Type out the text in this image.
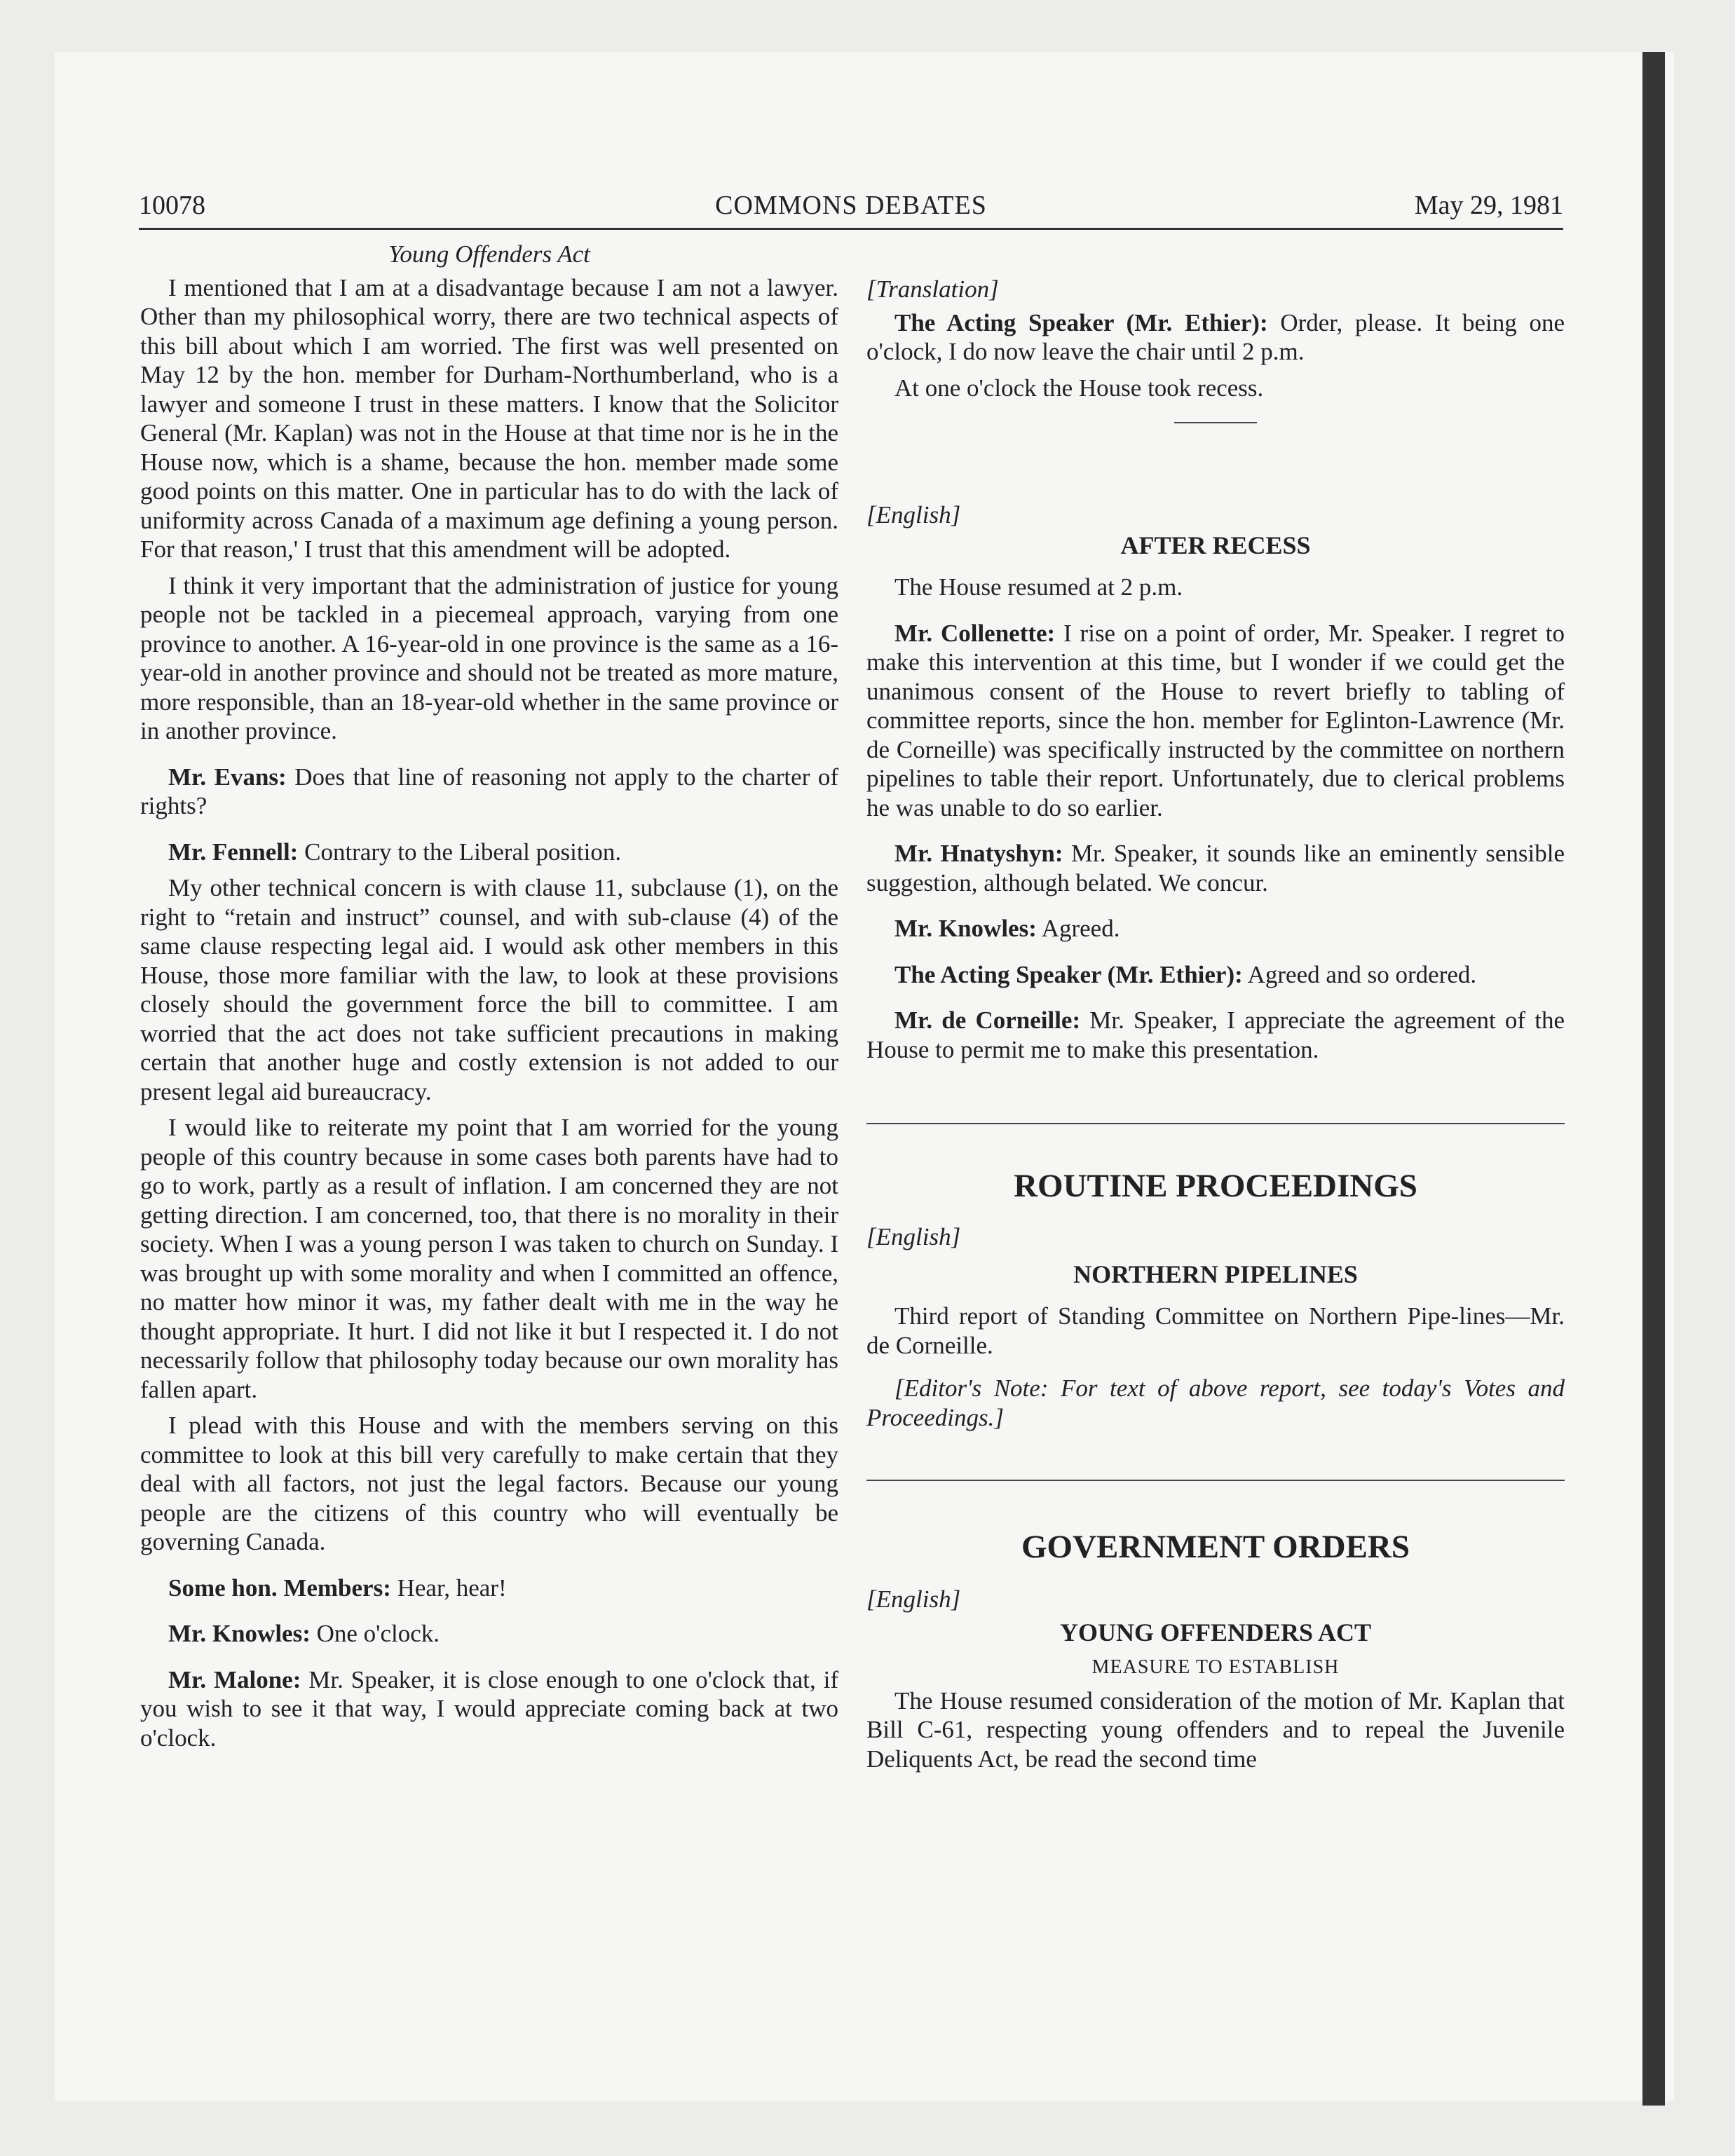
10078	COMMONS DEBATES	May 29, 1981

Young Offenders Act

I mentioned that I am at a disadvantage because I am not a lawyer. Other than my philosophical worry, there are two technical aspects of this bill about which I am worried. The first was well presented on May 12 by the hon. member for Durham-Northumberland, who is a lawyer and someone I trust in these matters. I know that the Solicitor General (Mr. Kaplan) was not in the House at that time nor is he in the House now, which is a shame, because the hon. member made some good points on this matter. One in particular has to do with the lack of uniformity across Canada of a maximum age defining a young person. For that reason,' I trust that this amendment will be adopted.

I think it very important that the administration of justice for young people not be tackled in a piecemeal approach, varying from one province to another. A 16-year-old in one province is the same as a 16-year-old in another province and should not be treated as more mature, more responsible, than an 18-year-old whether in the same province or in another province.

Mr. Evans: Does that line of reasoning not apply to the charter of rights?

Mr. Fennell: Contrary to the Liberal position.

My other technical concern is with clause 11, subclause (1), on the right to “retain and instruct” counsel, and with sub-clause (4) of the same clause respecting legal aid. I would ask other members in this House, those more familiar with the law, to look at these provisions closely should the government force the bill to committee. I am worried that the act does not take sufficient precautions in making certain that another huge and costly extension is not added to our present legal aid bureaucracy.

I would like to reiterate my point that I am worried for the young people of this country because in some cases both parents have had to go to work, partly as a result of inflation. I am concerned they are not getting direction. I am concerned, too, that there is no morality in their society. When I was a young person I was taken to church on Sunday. I was brought up with some morality and when I committed an offence, no matter how minor it was, my father dealt with me in the way he thought appropriate. It hurt. I did not like it but I respected it. I do not necessarily follow that philosophy today because our own morality has fallen apart.

I plead with this House and with the members serving on this committee to look at this bill very carefully to make certain that they deal with all factors, not just the legal factors. Because our young people are the citizens of this country who will eventually be governing Canada.

Some hon. Members: Hear, hear!

Mr. Knowles: One o'clock.

Mr. Malone: Mr. Speaker, it is close enough to one o'clock that, if you wish to see it that way, I would appreciate coming back at two o'clock.

[Translation]

The Acting Speaker (Mr. Ethier): Order, please. It being one o'clock, I do now leave the chair until 2 p.m.

At one o'clock the House took recess.

[English]

AFTER RECESS

The House resumed at 2 p.m.

Mr. Collenette: I rise on a point of order, Mr. Speaker. I regret to make this intervention at this time, but I wonder if we could get the unanimous consent of the House to revert briefly to tabling of committee reports, since the hon. member for Eglinton-Lawrence (Mr. de Corneille) was specifically instructed by the committee on northern pipelines to table their report. Unfortunately, due to clerical problems he was unable to do so earlier.

Mr. Hnatyshyn: Mr. Speaker, it sounds like an eminently sensible suggestion, although belated. We concur.

Mr. Knowles: Agreed.

The Acting Speaker (Mr. Ethier): Agreed and so ordered.

Mr. de Corneille: Mr. Speaker, I appreciate the agreement of the House to permit me to make this presentation.

ROUTINE PROCEEDINGS

[English]

NORTHERN PIPELINES

Third report of Standing Committee on Northern Pipe-lines—Mr. de Corneille.

[Editor's Note: For text of above report, see today's Votes and Proceedings.]

GOVERNMENT ORDERS

[English]

YOUNG OFFENDERS ACT

MEASURE TO ESTABLISH

The House resumed consideration of the motion of Mr. Kaplan that Bill C-61, respecting young offenders and to repeal the Juvenile Deliquents Act, be read the second time
